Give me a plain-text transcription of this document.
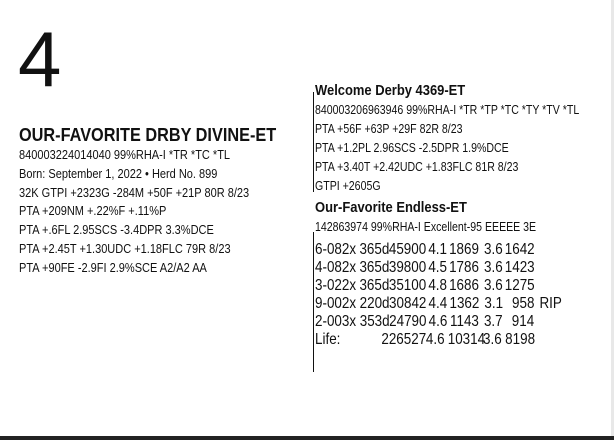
4
OUR-FAVORITE DRBY DIVINE-ET
840003224014040 99%RHA-I *TR *TC *TL
Born: September 1, 2022 • Herd No. 899
32K GTPI +2323G -284M +50F +21P 80R 8/23
PTA +209NM +.22%F +.11%P
PTA +.6FL 2.95SCS -3.4DPR 3.3%DCE
PTA +2.45T +1.30UDC +1.18FLC 79R 8/23
PTA +90FE -2.9FI 2.9%SCE A2/A2 AA
Welcome Derby 4369-ET
840003206963946 99%RHA-I *TR *TP *TC *TY *TV *TL
PTA +56F +63P +29F 82R 8/23
PTA +1.2PL 2.96SCS -2.5DPR 1.9%DCE
PTA +3.40T +2.42UDC +1.83FLC 81R 8/23
GTPI +2605G
Our-Favorite Endless-ET
142863974 99%RHA-I Excellent-95 EEEEE 3E
6-08 2x 365d 45900 4.1 1869 3.6 1642
4-08 2x 365d 39800 4.5 1786 3.6 1423
3-02 2x 365d 35100 4.8 1686 3.6 1275
9-00 2x 220d 30842 4.4 1362 3.1 958 RIP
2-00 3x 353d 24790 4.6 1143 3.7 914
Life:	226527 4.6 10314
3.6 8198
